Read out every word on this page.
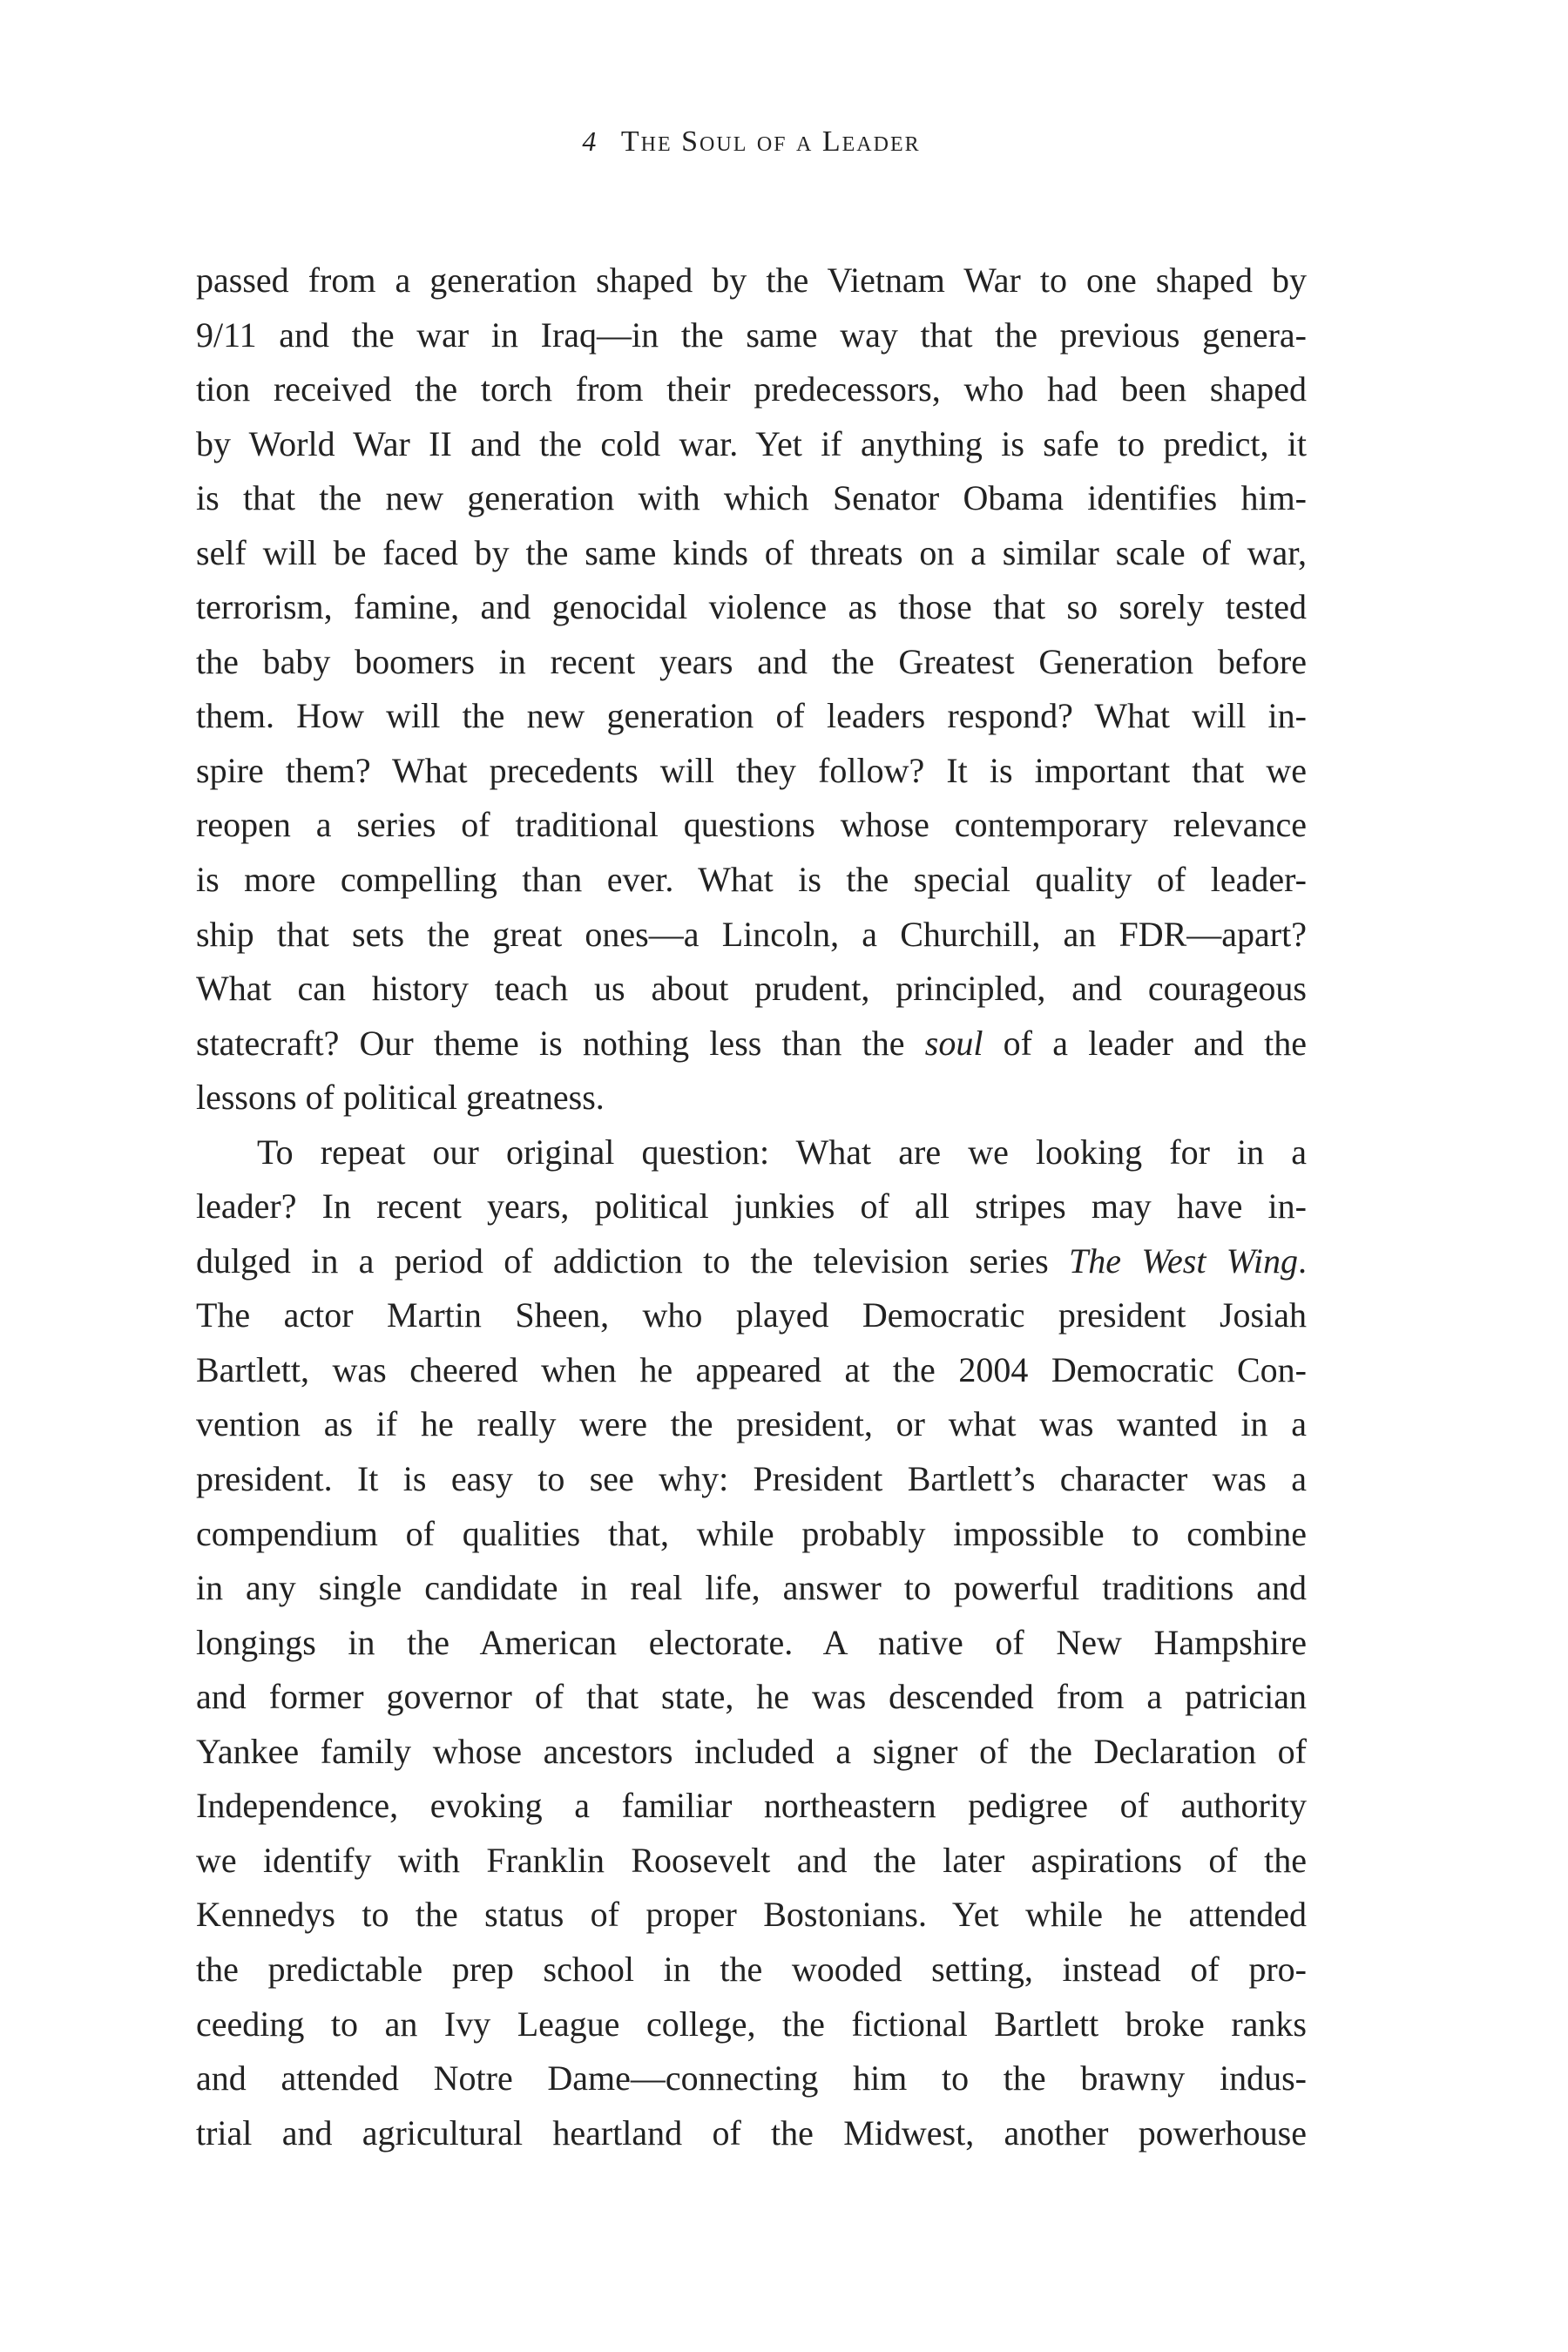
4 The Soul of a Leader
passed from a generation shaped by the Vietnam War to one shaped by
9/11 and the war in Iraq—in the same way that the previous genera-
tion received the torch from their predecessors, who had been shaped
by World War II and the cold war. Yet if anything is safe to predict, it
is that the new generation with which Senator Obama identifies him-
self will be faced by the same kinds of threats on a similar scale of war,
terrorism, famine, and genocidal violence as those that so sorely tested
the baby boomers in recent years and the Greatest Generation before
them. How will the new generation of leaders respond? What will in-
spire them? What precedents will they follow? It is important that we
reopen a series of traditional questions whose contemporary relevance
is more compelling than ever. What is the special quality of leader-
ship that sets the great ones—a Lincoln, a Churchill, an FDR—apart?
What can history teach us about prudent, principled, and courageous
statecraft? Our theme is nothing less than the soul of a leader and the
lessons of political greatness.
To repeat our original question: What are we looking for in a
leader? In recent years, political junkies of all stripes may have in-
dulged in a period of addiction to the television series The West Wing.
The actor Martin Sheen, who played Democratic president Josiah
Bartlett, was cheered when he appeared at the 2004 Democratic Con-
vention as if he really were the president, or what was wanted in a
president. It is easy to see why: President Bartlett’s character was a
compendium of qualities that, while probably impossible to combine
in any single candidate in real life, answer to powerful traditions and
longings in the American electorate. A native of New Hampshire
and former governor of that state, he was descended from a patrician
Yankee family whose ancestors included a signer of the Declaration of
Independence, evoking a familiar northeastern pedigree of authority
we identify with Franklin Roosevelt and the later aspirations of the
Kennedys to the status of proper Bostonians. Yet while he attended
the predictable prep school in the wooded setting, instead of pro-
ceeding to an Ivy League college, the fictional Bartlett broke ranks
and attended Notre Dame—connecting him to the brawny indus-
trial and agricultural heartland of the Midwest, another powerhouse
